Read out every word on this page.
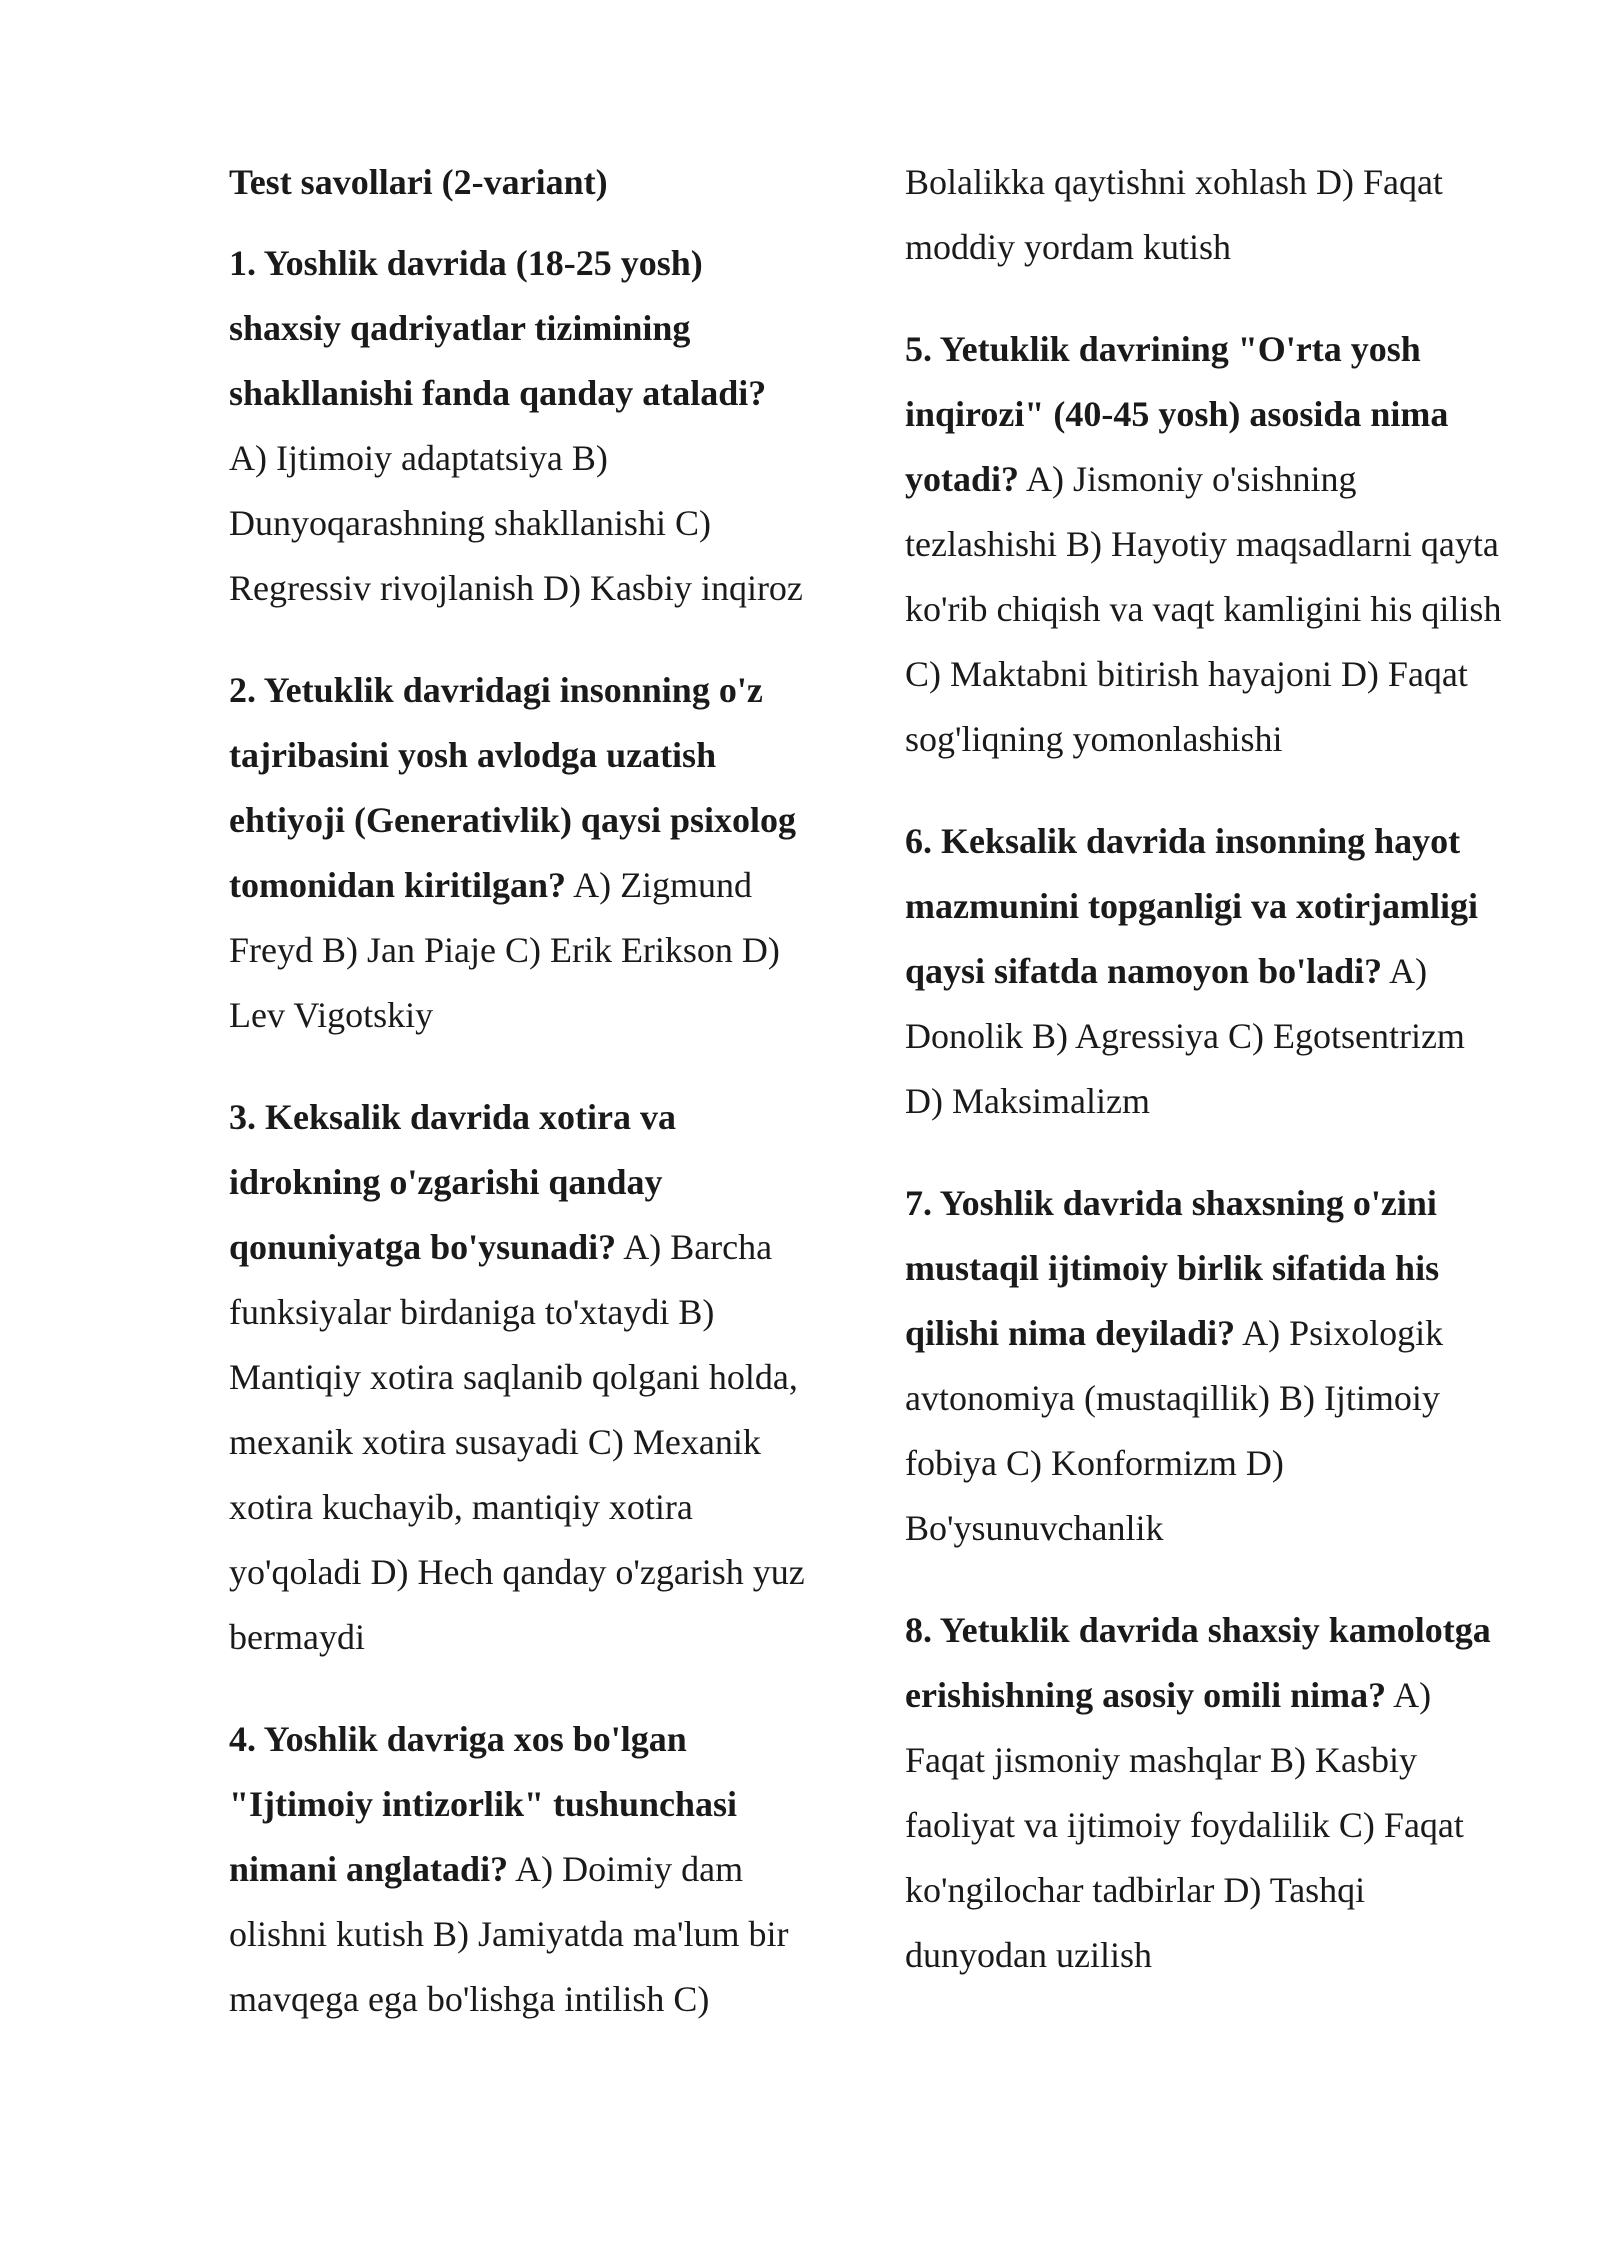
Test savollari (2-variant)
1. Yoshlik davrida (18-25 yosh) shaxsiy qadriyatlar tizimining shakllanishi fanda qanday ataladi? A) Ijtimoiy adaptatsiya B) Dunyoqarashning shakllanishi C) Regressiv rivojlanish D) Kasbiy inqiroz
2. Yetuklik davridagi insonning o'z tajribasini yosh avlodga uzatish ehtiyoji (Generativlik) qaysi psixolog tomonidan kiritilgan? A) Zigmund Freyd B) Jan Piaje C) Erik Erikson D) Lev Vigotskiy
3. Keksalik davrida xotira va idrokning o'zgarishi qanday qonuniyatga bo'ysunadi? A) Barcha funksiyalar birdaniga to'xtaydi B) Mantiqiy xotira saqlanib qolgani holda, mexanik xotira susayadi C) Mexanik xotira kuchayib, mantiqiy xotira yo'qoladi D) Hech qanday o'zgarish yuz bermaydi
4. Yoshlik davriga xos bo'lgan "Ijtimoiy intizorlik" tushunchasi nimani anglatadi? A) Doimiy dam olishni kutish B) Jamiyatda ma'lum bir mavqega ega bo'lishga intilish C)
Bolalikka qaytishni xohlash D) Faqat moddiy yordam kutish
5. Yetuklik davrining "O'rta yosh inqirozi" (40-45 yosh) asosida nima yotadi? A) Jismoniy o'sishning tezlashishi B) Hayotiy maqsadlarni qayta ko'rib chiqish va vaqt kamligini his qilish C) Maktabni bitirish hayajoni D) Faqat sog'liqning yomonlashishi
6. Keksalik davrida insonning hayot mazmunini topganligi va xotirjamligi qaysi sifatda namoyon bo'ladi? A) Donolik B) Agressiya C) Egotsentrizm D) Maksimalizm
7. Yoshlik davrida shaxsning o'zini mustaqil ijtimoiy birlik sifatida his qilishi nima deyiladi? A) Psixologik avtonomiya (mustaqillik) B) Ijtimoiy fobiya C) Konformizm D) Bo'ysunuvchanlik
8. Yetuklik davrida shaxsiy kamolotga erishishning asosiy omili nima? A) Faqat jismoniy mashqlar B) Kasbiy faoliyat va ijtimoiy foydalilik C) Faqat ko'ngilochar tadbirlar D) Tashqi dunyodan uzilish
